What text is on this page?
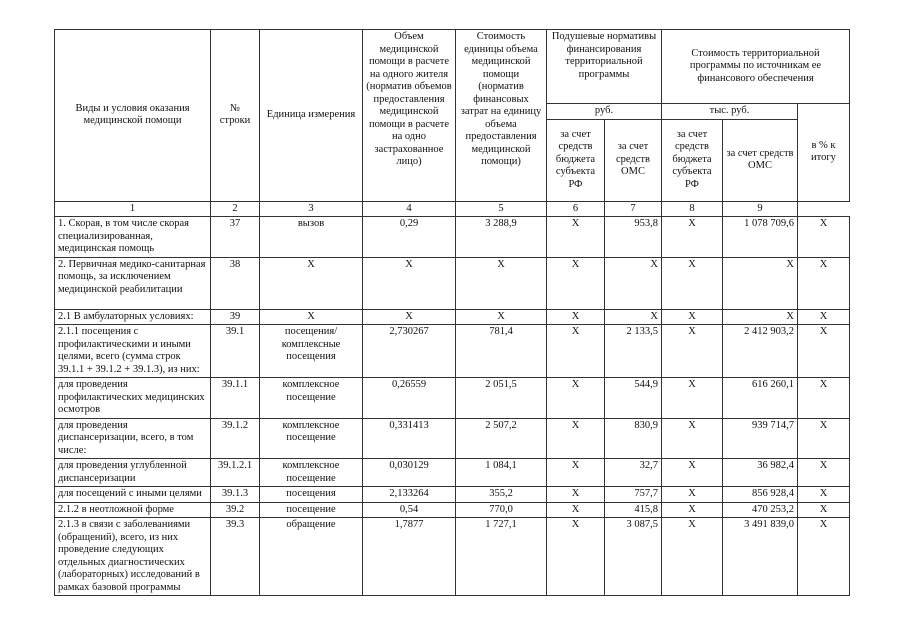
Виды и условия оказания медицинской помощи	№ строки	Единица измерения	Объем медицинской помощи в расчете на одного жителя (норматив объемов предоставления медицинской помощи в расчете на одно застрахованное лицо)	Стоимость единицы объема медицинской помощи (норматив финансовых затрат на единицу объема предоставления медицинской помощи)	Подушевые нормативы финансирования территориальной программы		Стоимость территориальной программы по источникам ее финансового обеспечения		
					руб.		тыс. руб.		в % к итогу
					за счет средств бюджета субъекта РФ	за счет средств ОМС	за счет средств бюджета субъекта РФ	за счет средств ОМС	
1	2	3	4	5	6	7	8	9	
1. Скорая, в том числе скорая специализированная, медицинская помощь	37	вызов	0,29	3 288,9	Х	953,8	Х	1 078 709,6	Х
2. Первичная медико-санитарная помощь, за исключением медицинской реабилитации	38	Х	Х	Х	Х	Х	Х	Х	Х
2.1 В амбулаторных условиях:	39	Х	Х	Х	Х	Х	Х	Х	Х
2.1.1 посещения с профилактическими и иными целями, всего (сумма строк 39.1.1 + 39.1.2 + 39.1.3), из них:	39.1	посещения/ комплексные посещения	2,730267	781,4	Х	2 133,5	Х	2 412 903,2	Х
для проведения профилактических медицинских осмотров	39.1.1	комплексное посещение	0,26559	2 051,5	Х	544,9	Х	616 260,1	Х
для проведения диспансеризации, всего, в том числе:	39.1.2	комплексное посещение	0,331413	2 507,2	Х	830,9	Х	939 714,7	Х
для проведения углубленной диспансеризации	39.1.2.1	комплексное посещение	0,030129	1 084,1	Х	32,7	Х	36 982,4	Х
для посещений с иными целями	39.1.3	посещения	2,133264	355,2	Х	757,7	Х	856 928,4	Х
2.1.2 в неотложной форме	39.2	посещение	0,54	770,0	Х	415,8	Х	470 253,2	Х
2.1.3 в связи с заболеваниями (обращений), всего, из них проведение следующих отдельных диагностических (лабораторных) исследований в рамках базовой программы	39.3	обращение	1,7877	1 727,1	Х	3 087,5	Х	3 491 839,0	Х
